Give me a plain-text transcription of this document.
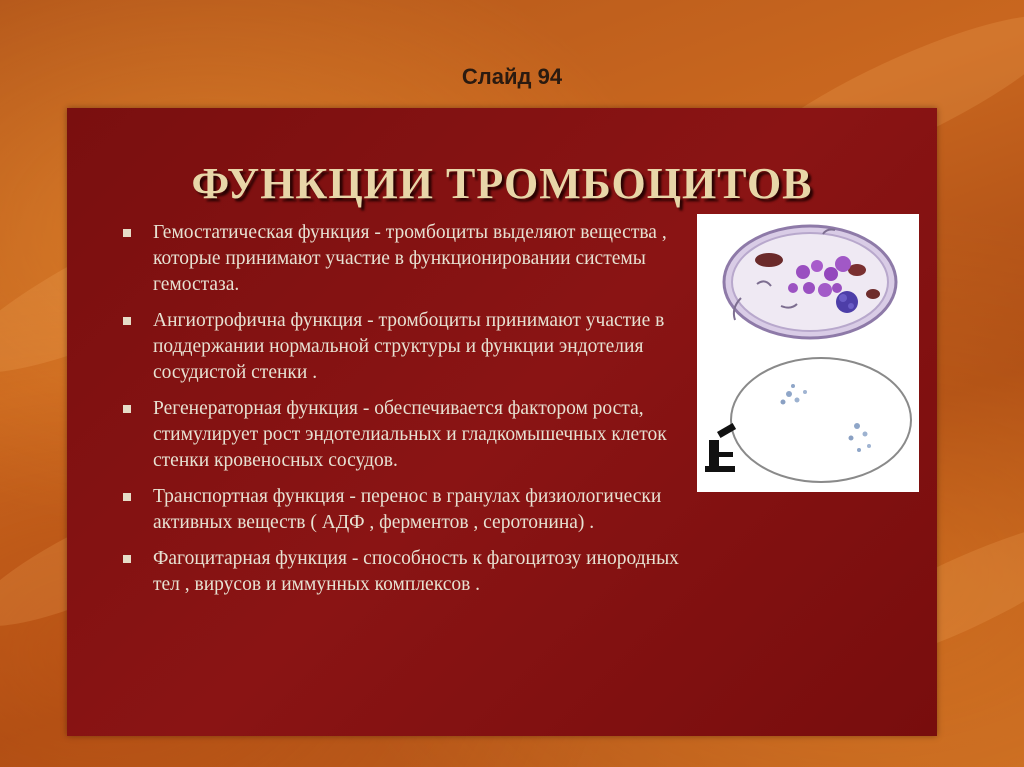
Слайд 94
ФУНКЦИИ ТРОМБОЦИТОВ
Гемостатическая функция - тромбоциты выделяют вещества , которые принимают участие в функционировании системы гемостаза.
Ангиотрофична функция - тромбоциты принимают участие в поддержании нормальной структуры и функции эндотелия сосудистой стенки .
Регенераторная функция - обеспечивается фактором роста, стимулирует рост эндотелиальных и гладкомышечных клеток стенки кровеносных сосудов.
Транспортная функция - перенос в гранулах физиологически активных веществ ( АДФ , ферментов , серотонина) .
Фагоцитарная функция - способность к фагоцитозу инородных тел , вирусов и иммунных комплексов .
